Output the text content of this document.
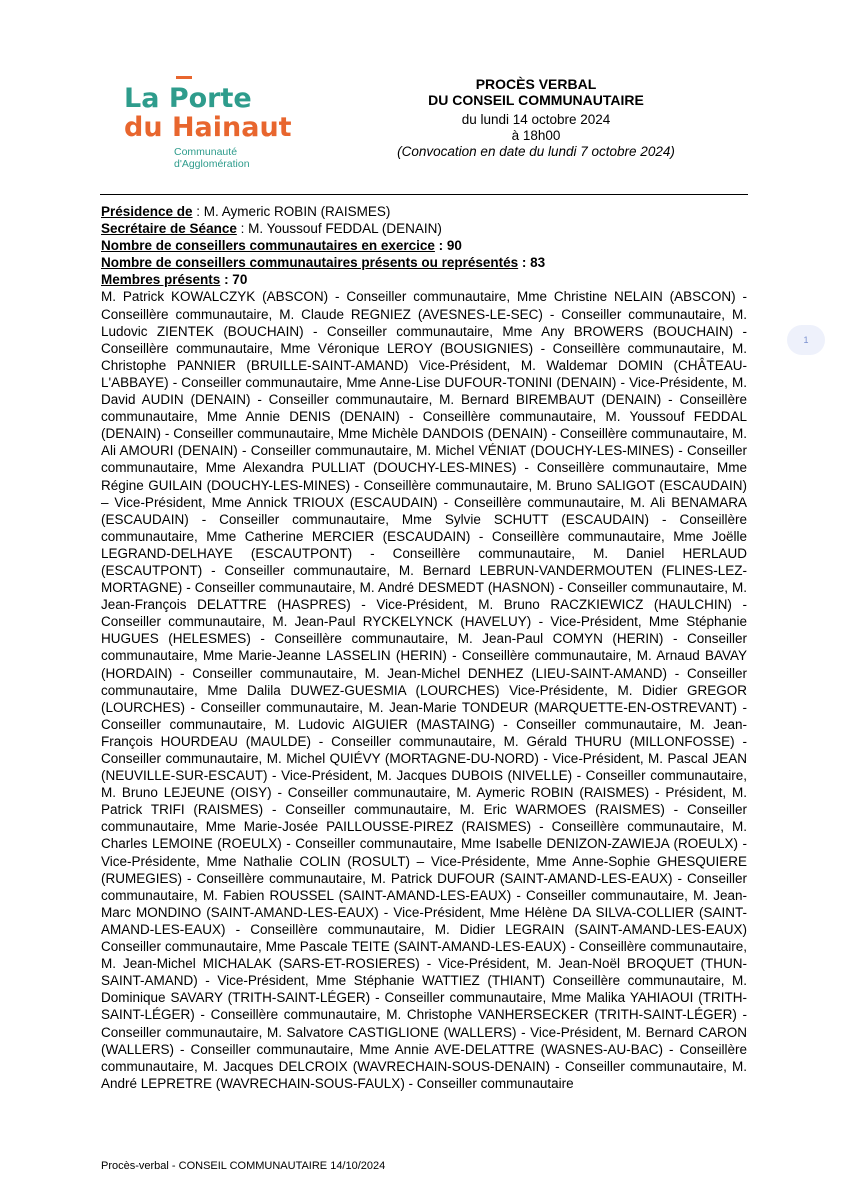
La Porte
du Hainaut
Communauté
d'Agglomération
PROCÈS VERBAL
DU CONSEIL COMMUNAUTAIRE
du lundi 14 octobre 2024
à 18h00
(Convocation en date du lundi 7 octobre 2024)
1

Présidence de : M. Aymeric ROBIN (RAISMES)

Secrétaire de Séance : M. Youssouf FEDDAL (DENAIN)

Nombre de conseillers communautaires en exercice : 90

Nombre de conseillers communautaires présents ou représentés : 83

Membres présents : 70

M. Patrick KOWALCZYK (ABSCON) - Conseiller communautaire, Mme Christine NELAIN (ABSCON) - Conseillère communautaire, M. Claude REGNIEZ (AVESNES-LE-SEC) - Conseiller communautaire, M. Ludovic ZIENTEK (BOUCHAIN) - Conseiller communautaire, Mme Any BROWERS (BOUCHAIN) - Conseillère communautaire, Mme Véronique LEROY (BOUSIGNIES) - Conseillère communautaire, M. Christophe PANNIER (BRUILLE-SAINT-AMAND) Vice-Président, M. Waldemar DOMIN (CHÂTEAU-L'ABBAYE) - Conseiller communautaire, Mme Anne-Lise DUFOUR-TONINI (DENAIN) - Vice-Présidente, M. David AUDIN (DENAIN) - Conseiller communautaire, M. Bernard BIREMBAUT (DENAIN) - Conseillère communautaire, Mme Annie DENIS (DENAIN) - Conseillère communautaire, M. Youssouf FEDDAL (DENAIN) - Conseiller communautaire, Mme Michèle DANDOIS (DENAIN) - Conseillère communautaire, M. Ali AMOURI (DENAIN) - Conseiller communautaire, M. Michel VÉNIAT (DOUCHY-LES-MINES) - Conseiller communautaire, Mme Alexandra PULLIAT (DOUCHY-LES-MINES) - Conseillère communautaire, Mme Régine GUILAIN (DOUCHY-LES-MINES) - Conseillère communautaire, M. Bruno SALIGOT (ESCAUDAIN) – Vice-Président, Mme Annick TRIOUX (ESCAUDAIN) - Conseillère communautaire, M. Ali BENAMARA (ESCAUDAIN) - Conseiller communautaire, Mme Sylvie SCHUTT (ESCAUDAIN) - Conseillère communautaire, Mme Catherine MERCIER (ESCAUDAIN) - Conseillère communautaire, Mme Joëlle LEGRAND-DELHAYE (ESCAUTPONT) - Conseillère communautaire, M. Daniel HERLAUD (ESCAUTPONT) - Conseiller communautaire, M. Bernard LEBRUN-VANDERMOUTEN (FLINES-LEZ-MORTAGNE) - Conseiller communautaire, M. André DESMEDT (HASNON) - Conseiller communautaire, M. Jean-François DELATTRE (HASPRES) - Vice-Président, M. Bruno RACZKIEWICZ (HAULCHIN) - Conseiller communautaire, M. Jean-Paul RYCKELYNCK (HAVELUY) - Vice-Président, Mme Stéphanie HUGUES (HELESMES) - Conseillère communautaire, M. Jean-Paul COMYN (HERIN) - Conseiller communautaire, Mme Marie-Jeanne LASSELIN (HERIN) - Conseillère communautaire, M. Arnaud BAVAY (HORDAIN) - Conseiller communautaire, M. Jean-Michel DENHEZ (LIEU-SAINT-AMAND) - Conseiller communautaire, Mme Dalila DUWEZ-GUESMIA (LOURCHES) Vice-Présidente, M. Didier GREGOR (LOURCHES) - Conseiller communautaire, M. Jean-Marie TONDEUR (MARQUETTE-EN-OSTREVANT) - Conseiller communautaire, M. Ludovic AIGUIER (MASTAING) - Conseiller communautaire, M. Jean-François HOURDEAU (MAULDE) - Conseiller communautaire, M. Gérald THURU (MILLONFOSSE) - Conseiller communautaire, M. Michel QUIÉVY (MORTAGNE-DU-NORD) - Vice-Président, M. Pascal JEAN (NEUVILLE-SUR-ESCAUT) - Vice-Président, M. Jacques DUBOIS (NIVELLE) - Conseiller communautaire, M. Bruno LEJEUNE (OISY) - Conseiller communautaire, M. Aymeric ROBIN (RAISMES) - Président, M. Patrick TRIFI (RAISMES) - Conseiller communautaire, M. Eric WARMOES (RAISMES) - Conseiller communautaire, Mme Marie-Josée PAILLOUSSE-PIREZ (RAISMES) - Conseillère communautaire, M. Charles LEMOINE (ROEULX) - Conseiller communautaire, Mme Isabelle DENIZON-ZAWIEJA (ROEULX) - Vice-Présidente, Mme Nathalie COLIN (ROSULT) – Vice-Présidente, Mme Anne-Sophie GHESQUIERE (RUMEGIES) - Conseillère communautaire, M. Patrick DUFOUR (SAINT-AMAND-LES-EAUX) - Conseiller communautaire, M. Fabien ROUSSEL (SAINT-AMAND-LES-EAUX) - Conseiller communautaire, M. Jean-Marc MONDINO (SAINT-AMAND-LES-EAUX) - Vice-Président, Mme Hélène DA SILVA-COLLIER (SAINT-AMAND-LES-EAUX) - Conseillère communautaire, M. Didier LEGRAIN (SAINT-AMAND-LES-EAUX) Conseiller communautaire, Mme Pascale TEITE (SAINT-AMAND-LES-EAUX) - Conseillère communautaire, M. Jean-Michel MICHALAK (SARS-ET-ROSIERES) - Vice-Président, M. Jean-Noël BROQUET (THUN-SAINT-AMAND) - Vice-Président, Mme Stéphanie WATTIEZ (THIANT) Conseillère communautaire, M. Dominique SAVARY (TRITH-SAINT-LÉGER) - Conseiller communautaire, Mme Malika YAHIAOUI (TRITH-SAINT-LÉGER) - Conseillère communautaire, M. Christophe VANHERSECKER (TRITH-SAINT-LÉGER) - Conseiller communautaire, M. Salvatore CASTIGLIONE (WALLERS) - Vice-Président, M. Bernard CARON (WALLERS) - Conseiller communautaire, Mme Annie AVE-DELATTRE (WASNES-AU-BAC) - Conseillère communautaire, M. Jacques DELCROIX (WAVRECHAIN-SOUS-DENAIN) - Conseiller communautaire, M. André LEPRETRE (WAVRECHAIN-SOUS-FAULX) - Conseiller communautaire

Procès-verbal - CONSEIL COMMUNAUTAIRE 14/10/2024
